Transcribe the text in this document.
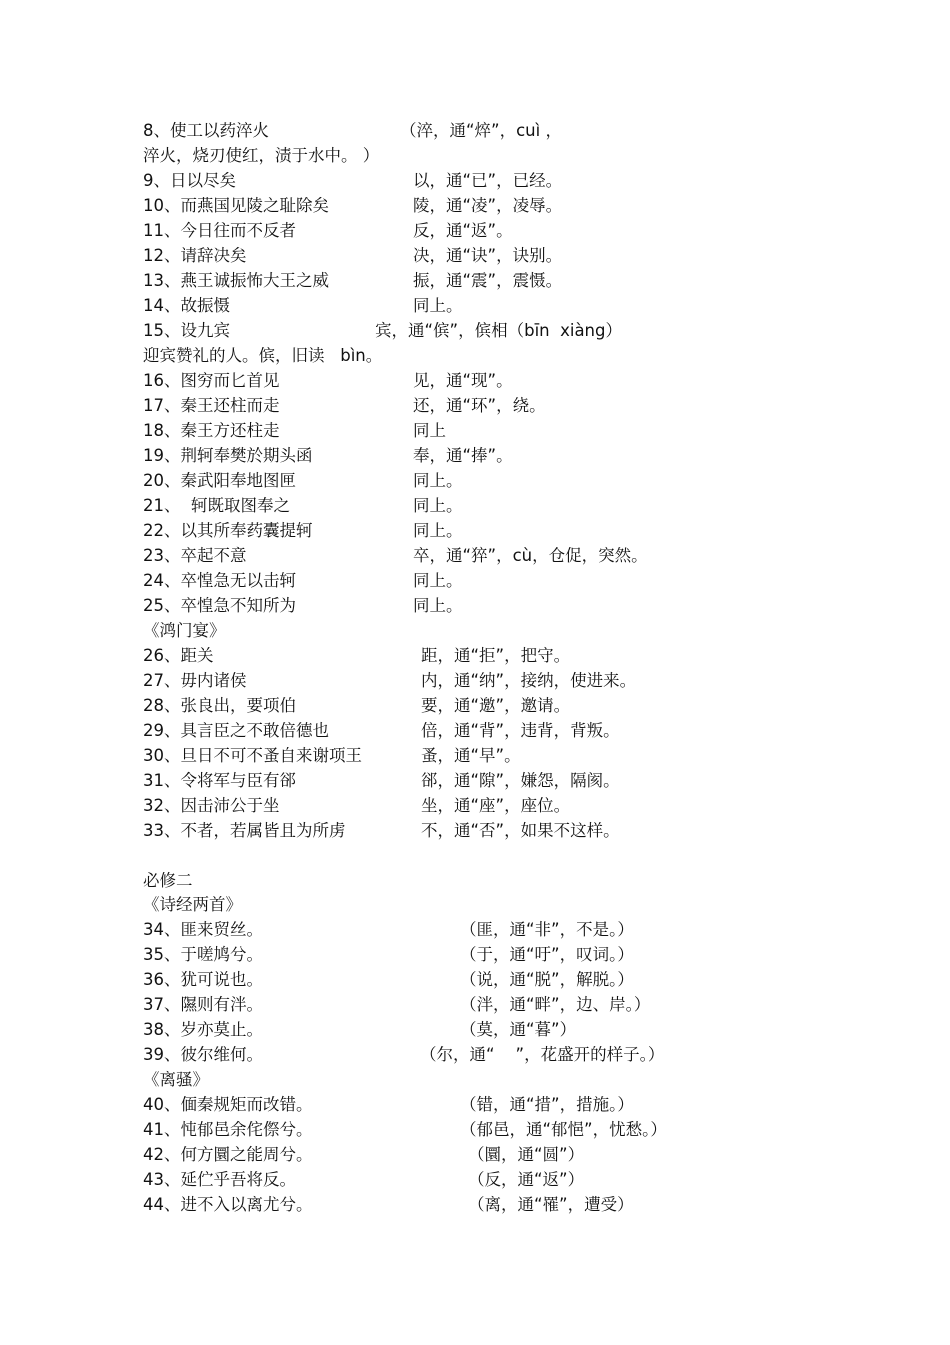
8、使工以药淬火	（淬，通“焠”，cuì ，
淬火，烧刃使红，渍于水中。 ）
9、日以尽矣	以，通“已”，已经。
10、而燕国见陵之耻除矣	陵，通“凌”，凌辱。
11、今日往而不反者	反，通“返”。
12、请辞决矣	决，通“诀”，诀别。
13、燕王诚振怖大王之威	振，通“震”，震慑。
14、故振慑	同上。
15、设九宾	宾，通“傧”，傧相（bīn  xiàng）
迎宾赞礼的人。傧，旧读   bìn。
16、图穷而匕首见	见，通“现”。
17、秦王还柱而走	还，通“环”，绕。
18、秦王方还柱走	同上
19、荆轲奉樊於期头函	奉，通“捧”。
20、秦武阳奉地图匣	同上。
21、  轲既取图奉之	同上。
22、以其所奉药囊提轲	同上。
23、卒起不意	卒，通“猝”，cù，仓促，突然。
24、卒惶急无以击轲	同上。
25、卒惶急不知所为	同上。
《鸿门宴》
26、距关	距，通“拒”，把守。
27、毋内诸侯	内，通“纳”，接纳，使进来。
28、张良出，要项伯	要，通“邀”，邀请。
29、具言臣之不敢倍德也	倍，通“背”，违背，背叛。
30、旦日不可不蚤自来谢项王	蚤，通“早”。
31、令将军与臣有郤	郤，通“隙”，嫌怨，隔阂。
32、因击沛公于坐	坐，通“座”，座位。
33、不者，若属皆且为所虏	不，通“否”，如果不这样。
必修二
《诗经两首》
34、匪来贸丝。	（匪，通“非”，不是。）
35、于嗟鸠兮。	（于，通“吁”，叹词。）
36、犹可说也。	（说，通“脱”，解脱。）
37、隰则有泮。	（泮，通“畔”，边、岸。）
38、岁亦莫止。	（莫，通“暮”）
39、彼尔维何。	（尔，通“    ”，花盛开的样子。）
《离骚》
40、偭秦规矩而改错。	（错，通“措”，措施。）
41、忳郁邑余侘傺兮。	（郁邑，通“郁悒”，忧愁。）
42、何方圜之能周兮。	（圜，通“圆”）
43、延伫乎吾将反。	（反，通“返”）
44、进不入以离尤兮。	（离，通“罹”，遭受）
